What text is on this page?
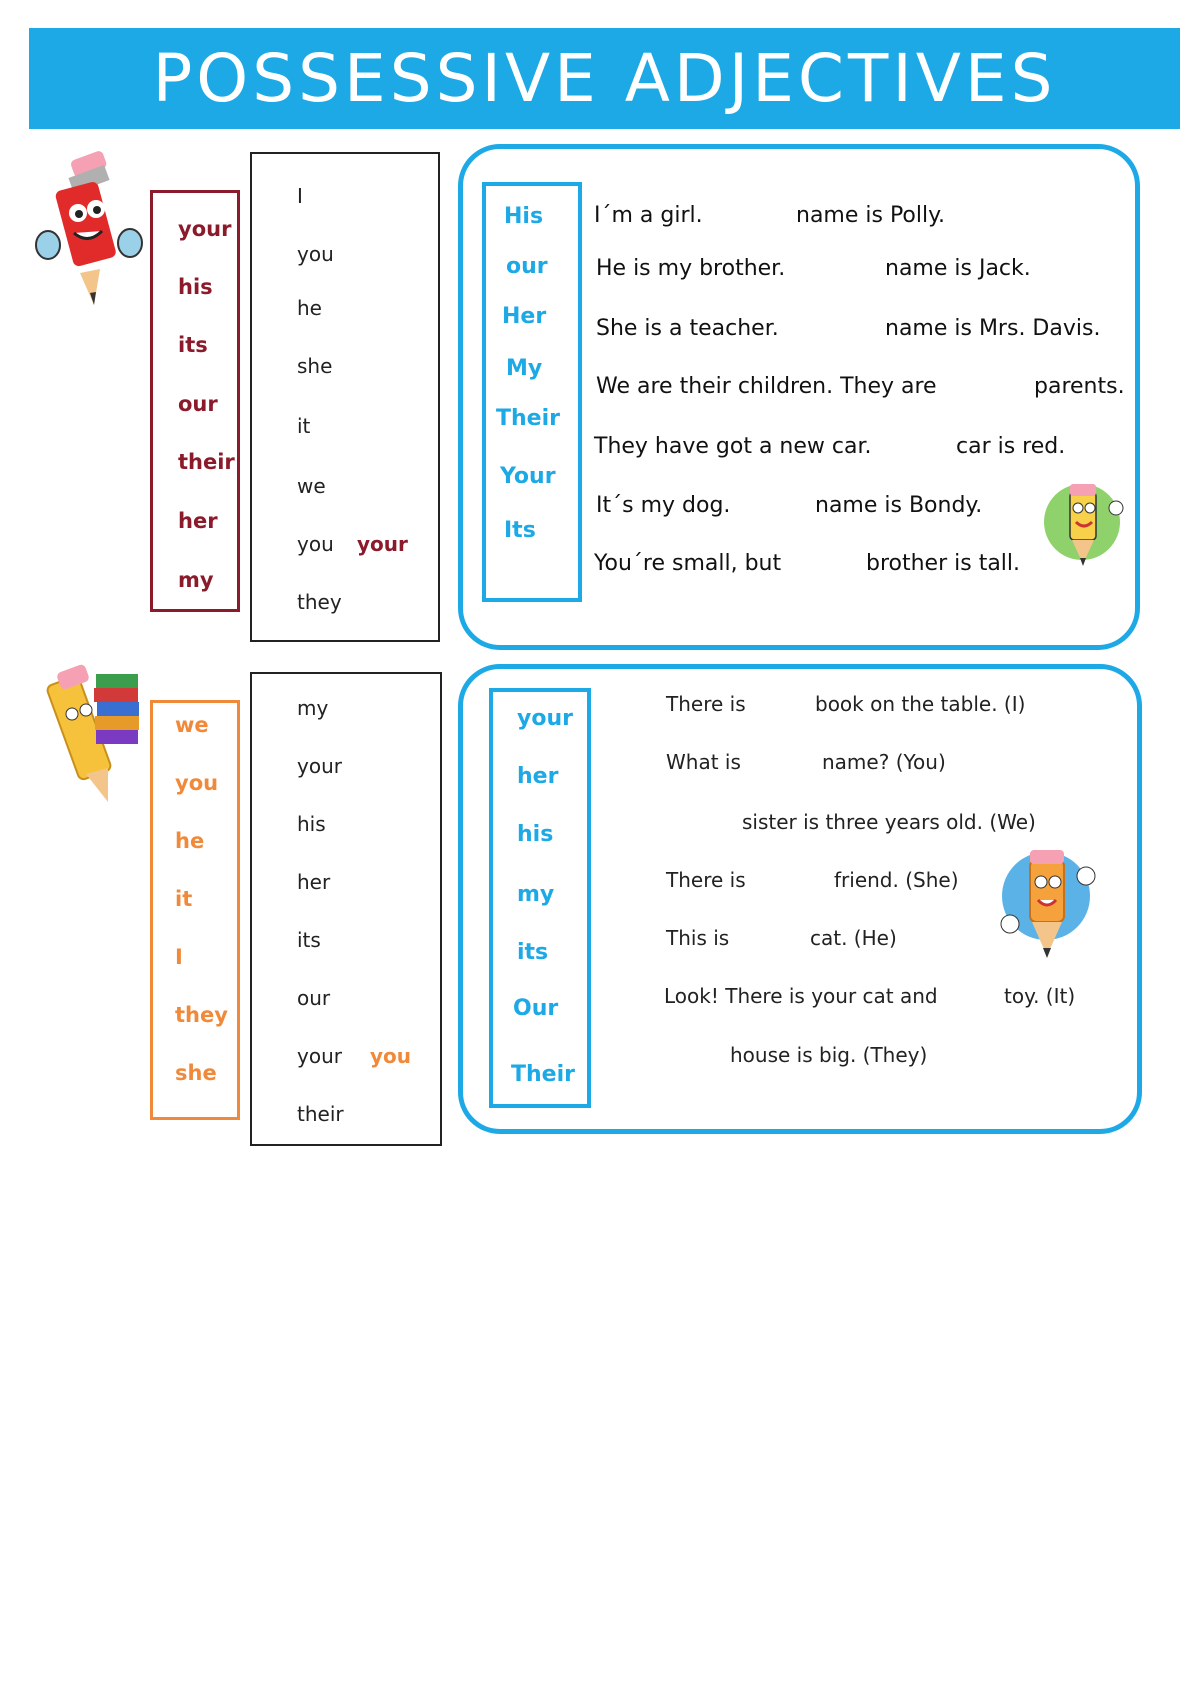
POSSESSIVE ADJECTIVES
your
his
its
our
their
her
my
I
you
he
she
it
we
you your
they
His
our
Her
My
Their
Your
Its
I´m a girl.	name is Polly.
He is my brother.	name is Jack.
She is a teacher.	name is Mrs. Davis.
We are their children. They are	parents.
They have got a new car.	car is red.
It´s my dog.	name is Bondy.
You´re small, but	brother is tall.
we
you
he
it
I
they
she
my
your
his
her
its
our
your you
their
your
her
his
my
its
Our
Their
There is	book on the table. (I)
What is	name? (You)
sister is three years old. (We)
There is	friend. (She)
This is	cat. (He)
Look! There is your cat and	toy. (It)
house is big. (They)
